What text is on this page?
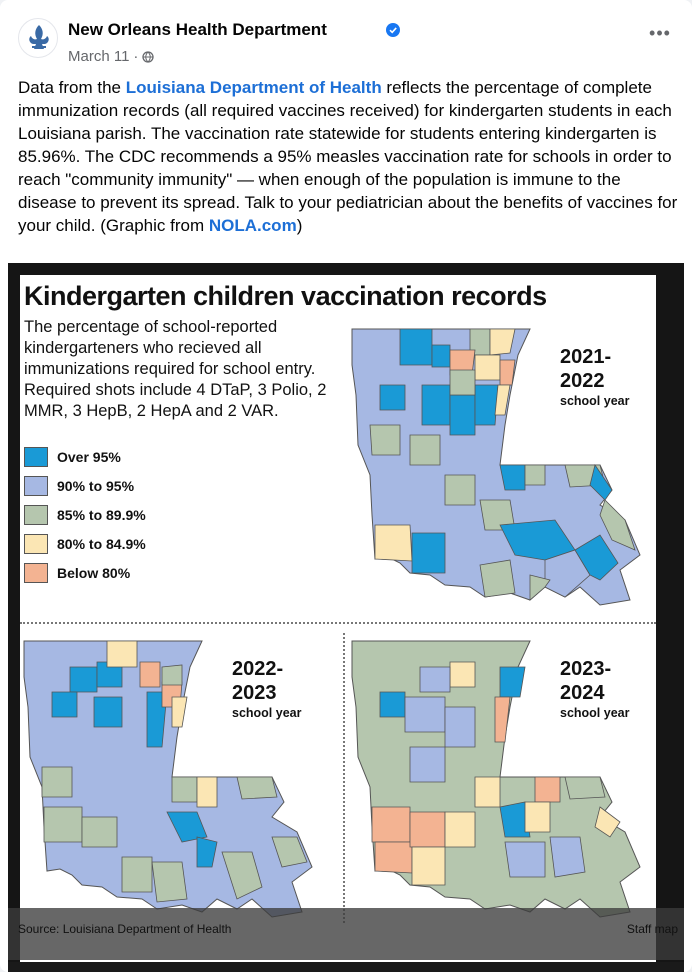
New Orleans Health Department
March 11 ·
•••
Data from the Louisiana Department of Health reflects the percentage of complete immunization records (all required vaccines received) for kindergarten students in each Louisiana parish. The vaccination rate statewide for students entering kindergarten is 85.96%. The CDC recommends a 95% measles vaccination rate for schools in order to reach "community immunity" — when enough of the population is immune to the disease to prevent its spread. Talk to your pediatrician about the benefits of vaccines for your child. (Graphic from NOLA.com)
Kindergarten children vaccination records
The percentage of school-reported kindergarteners who recieved all immunizations required for school entry. Required shots include 4 DTaP, 3 Polio, 2 MMR, 3 HepB, 2 HepA and 2 VAR.
Over 95%
90% to 95%
85% to 89.9%
80% to 84.9%
Below 80%
2021-
2022
school year
2022-
2023
school year
2023-
2024
school year
Source: Louisiana Department of Health	Staff map
